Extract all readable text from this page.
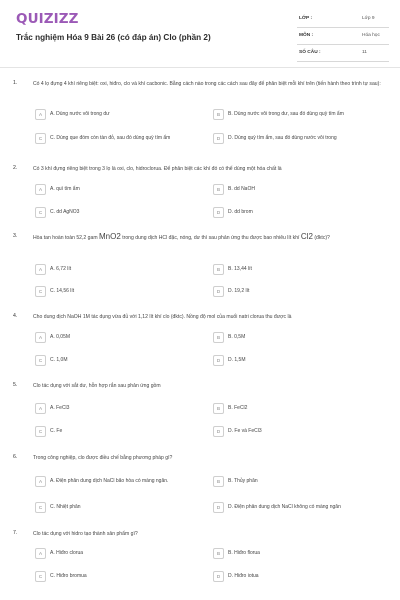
QUIZIZZ
Trắc nghiệm Hóa 9 Bài 26 (có đáp án) Clo (phần 2)
LỚP :	Lớp 9
MÔN :	Hóa học
SỐ CÂU :	11
1.	Có 4 lọ đựng 4 khí riêng biệt: oxi, hiđro, clo và khí cacbonic. Bằng cách nào trong các cách sau đây để phân biệt mỗi khí trên (tiến hành theo trình tự sau):
A	A. Dùng nước vôi trong dư	B	B. Dùng nước vôi trong dư, sau đó dùng quỳ tím ẩm
C	C. Dùng que đóm còn tàn đỏ, sau đó dùng quỳ tím ẩm	D	D. Dùng quỳ tím ẩm, sau đó dùng nước vôi trong
2.	Có 3 khí đựng riêng biệt trong 3 lọ là oxi, clo, hidroclorua. Để phân biệt các khí đó có thể dùng một hóa chất là
A	A. quì tím ẩm	B	B. dd NaOH
C	C. dd AgNO3	D	D. dd brom
3.	Hòa tan hoàn toàn 52,2 gam MnO2 trong dung dịch HCl đặc, nóng, dư thì sau phản ứng thu được bao nhiêu lít khí Cl2 (đktc)?
A	A. 6,72 lít	B	B. 13,44 lít
C	C. 14,56 lít	D	D. 19,2 lít
4.	Cho dung dịch NaOH 1M tác dụng vừa đủ với 1,12 lít khí clo (đktc). Nồng độ mol của muối natri clorua thu được là
A	A. 0,05M	B	B. 0,5M
C	C. 1,0M	D	D. 1,5M
5.	Clo tác dụng với sắt dư, hỗn hợp rắn sau phản ứng gồm
A	A. FeCl3	B	B. FeCl2
C	C. Fe	D	D. Fe và FeCl3
6.	Trong công nghiệp, clo được điều chế bằng phương pháp gì?
A	A. Điện phân dung dịch NaCl bão hòa có màng ngăn.	B	B. Thủy phân
C	C. Nhiệt phân	D	D. Điện phân dung dịch NaCl không có màng ngăn
7.	Clo tác dụng với hidro tạo thành sản phẩm gì?
A	A. Hiđro clorua	B	B. Hiđro florua
C	C. Hiđro bromua	D	D. Hiđro iotua
